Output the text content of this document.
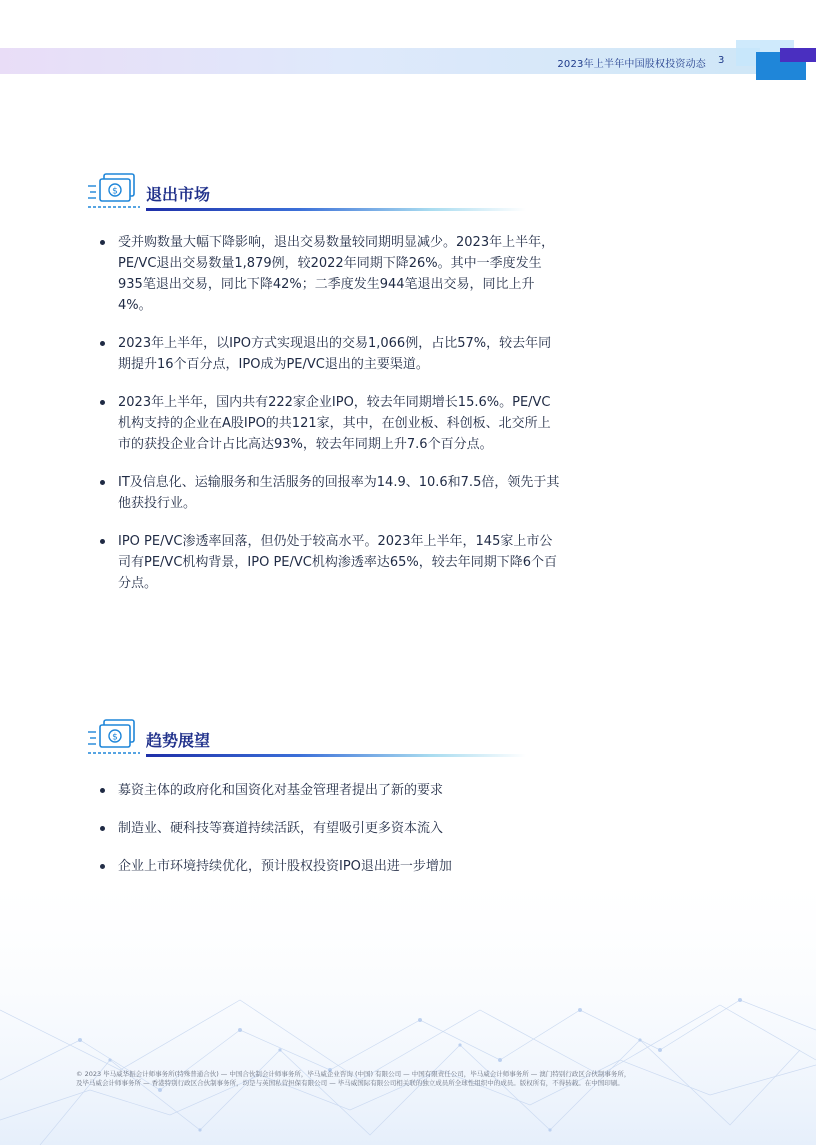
2023年上半年中国股权投资动态 3
$ 退出市场
受并购数量大幅下降影响，退出交易数量较同期明显减少。2023年上半年，PE/VC退出交易数量1,879例，较2022年同期下降26%。其中一季度发生935笔退出交易，同比下降42%；二季度发生944笔退出交易，同比上升4%。
2023年上半年，以IPO方式实现退出的交易1,066例，占比57%，较去年同期提升16个百分点，IPO成为PE/VC退出的主要渠道。
2023年上半年，国内共有222家企业IPO，较去年同期增长15.6%。PE/VC机构支持的企业在A股IPO的共121家，其中，在创业板、科创板、北交所上市的获投企业合计占比高达93%，较去年同期上升7.6个百分点。
IT及信息化、运输服务和生活服务的回报率为14.9、10.6和7.5倍，领先于其他获投行业。
IPO PE/VC渗透率回落，但仍处于较高水平。2023年上半年，145家上市公司有PE/VC机构背景，IPO PE/VC机构渗透率达65%，较去年同期下降6个百分点。
$ 趋势展望
募资主体的政府化和国资化对基金管理者提出了新的要求
制造业、硬科技等赛道持续活跃，有望吸引更多资本流入
© 2023 毕马威华振会计师事务所(特殊普通合伙) — 中国合伙制会计师事务所，毕马威企业咨询 (中国) 有限公司 — 中国有限责任公司，毕马威会计师事务所 — 澳门特别行政区合伙制事务所，
及毕马威会计师事务所 — 香港特别行政区合伙制事务所，均是与英国私营担保有限公司 — 毕马威国际有限公司相关联的独立成员所全球性组织中的成员。版权所有，不得转载。在中国印刷。
